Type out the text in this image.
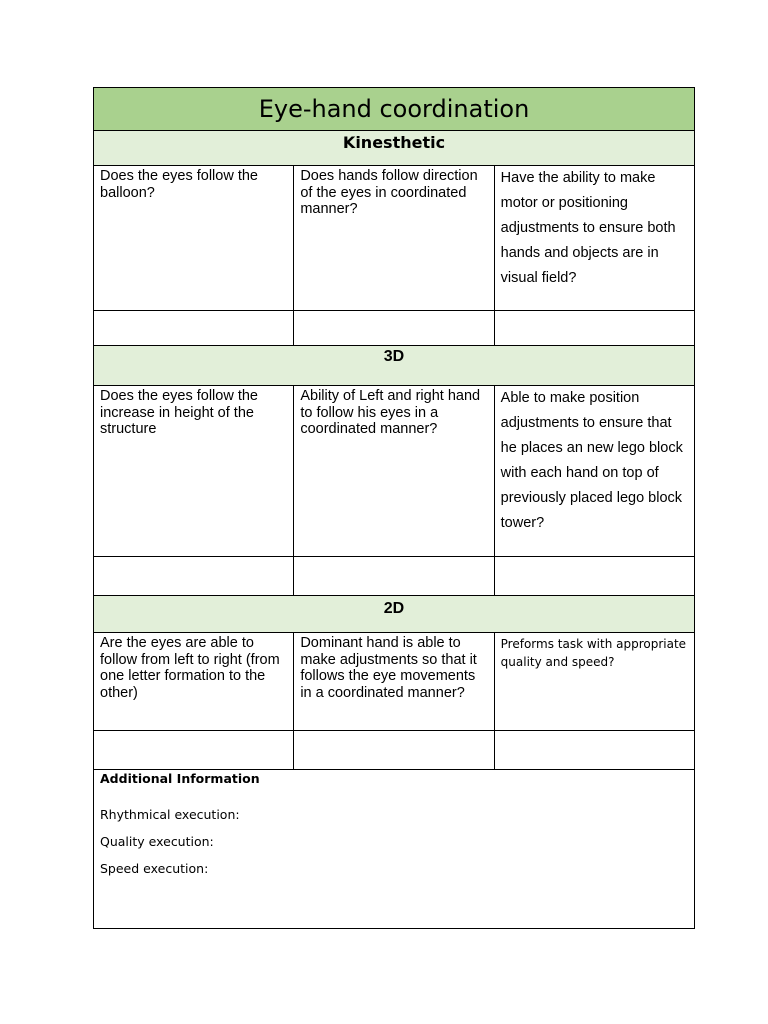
Eye-hand coordination		
Kinesthetic		
Does the eyes follow the balloon?	Does hands follow direction of the eyes in coordinated manner?	Have the ability to make motor or positioning adjustments to ensure both hands and objects are in visual field?

3D		
Does the eyes follow the increase in height of the structure	Ability of Left and right hand to follow his eyes in a coordinated manner?	Able to make position adjustments to ensure that he places an new lego block with each hand on top of previously placed lego block tower?

2D		
Are the eyes are able to follow from left to right (from one letter formation to the other)	Dominant hand is able to make adjustments so that it follows the eye movements in a coordinated manner?	Preforms task with appropriate quality and speed?

Additional Information
Rhythmical execution:
Quality execution:
Speed execution:		
